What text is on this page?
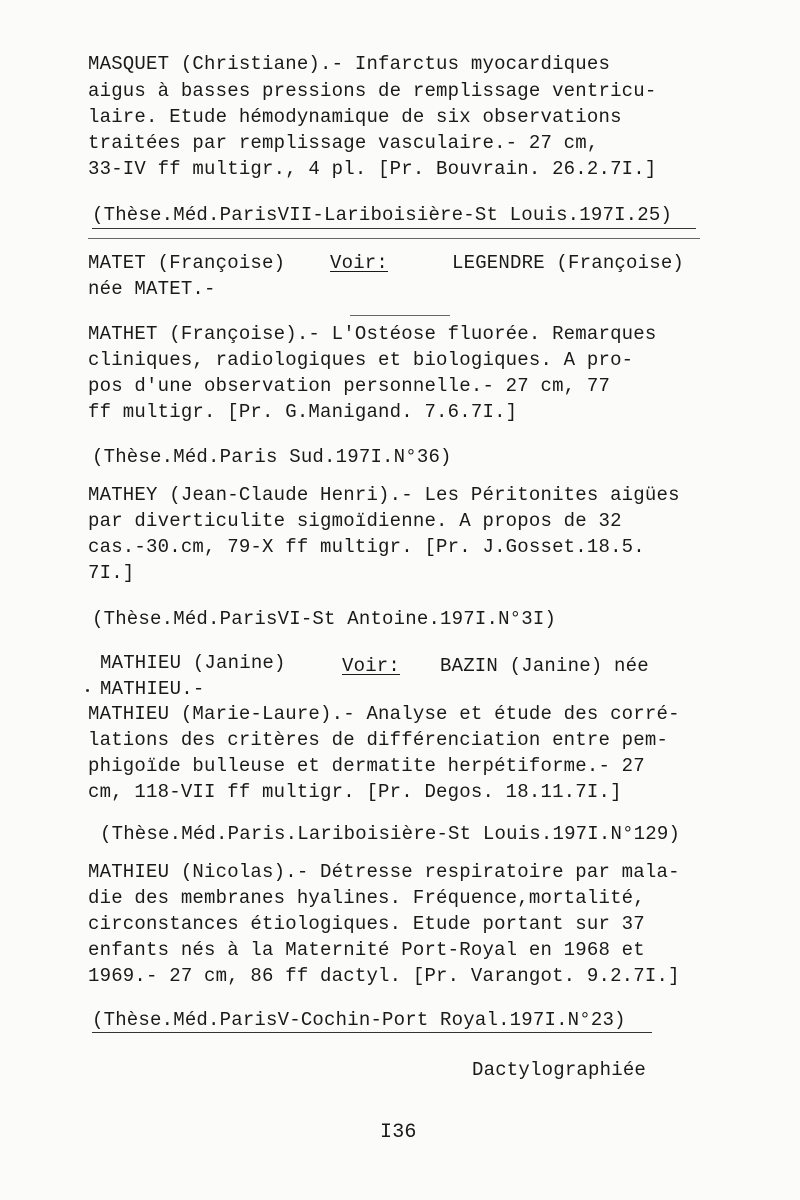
MASQUET (Christiane).- Infarctus myocardiques
aigus à basses pressions de remplissage ventricu-
laire. Etude hémodynamique de six observations
traitées par remplissage vasculaire.- 27 cm,
33-IV ff multigr., 4 pl. [Pr. Bouvrain. 26.2.7I.]
(Thèse.Méd.ParisVII-Lariboisière-St Louis.197I.25)
MATET (Françoise) Voir:	LEGENDRE (Françoise)
née MATET.-
MATHET (Françoise).- L'Ostéose fluorée. Remarques
cliniques, radiologiques et biologiques. A pro-
pos d'une observation personnelle.- 27 cm, 77
ff multigr. [Pr. G.Manigand. 7.6.7I.]
(Thèse.Méd.Paris Sud.197I.N°36)
MATHEY (Jean-Claude Henri).- Les Péritonites aigües
par diverticulite sigmoïdienne. A propos de 32
cas.-30.cm, 79-X ff multigr. [Pr. J.Gosset.18.5.
7I.]
(Thèse.Méd.ParisVI-St Antoine.197I.N°3I)
MATHIEU (Janine)	Voir: BAZIN (Janine) née
MATHIEU.-
MATHIEU (Marie-Laure).- Analyse et étude des corré-
lations des critères de différenciation entre pem-
phigoïde bulleuse et dermatite herpétiforme.- 27
cm, 118-VII ff multigr. [Pr. Degos. 18.11.7I.]
(Thèse.Méd.Paris.Lariboisière-St Louis.197I.N°129)
MATHIEU (Nicolas).- Détresse respiratoire par mala-
die des membranes hyalines. Fréquence,mortalité,
circonstances étiologiques. Etude portant sur 37
enfants nés à la Maternité Port-Royal en 1968 et
1969.- 27 cm, 86 ff dactyl. [Pr. Varangot. 9.2.7I.]
(Thèse.Méd.ParisV-Cochin-Port Royal.197I.N°23)
Dactylographiée
I36
